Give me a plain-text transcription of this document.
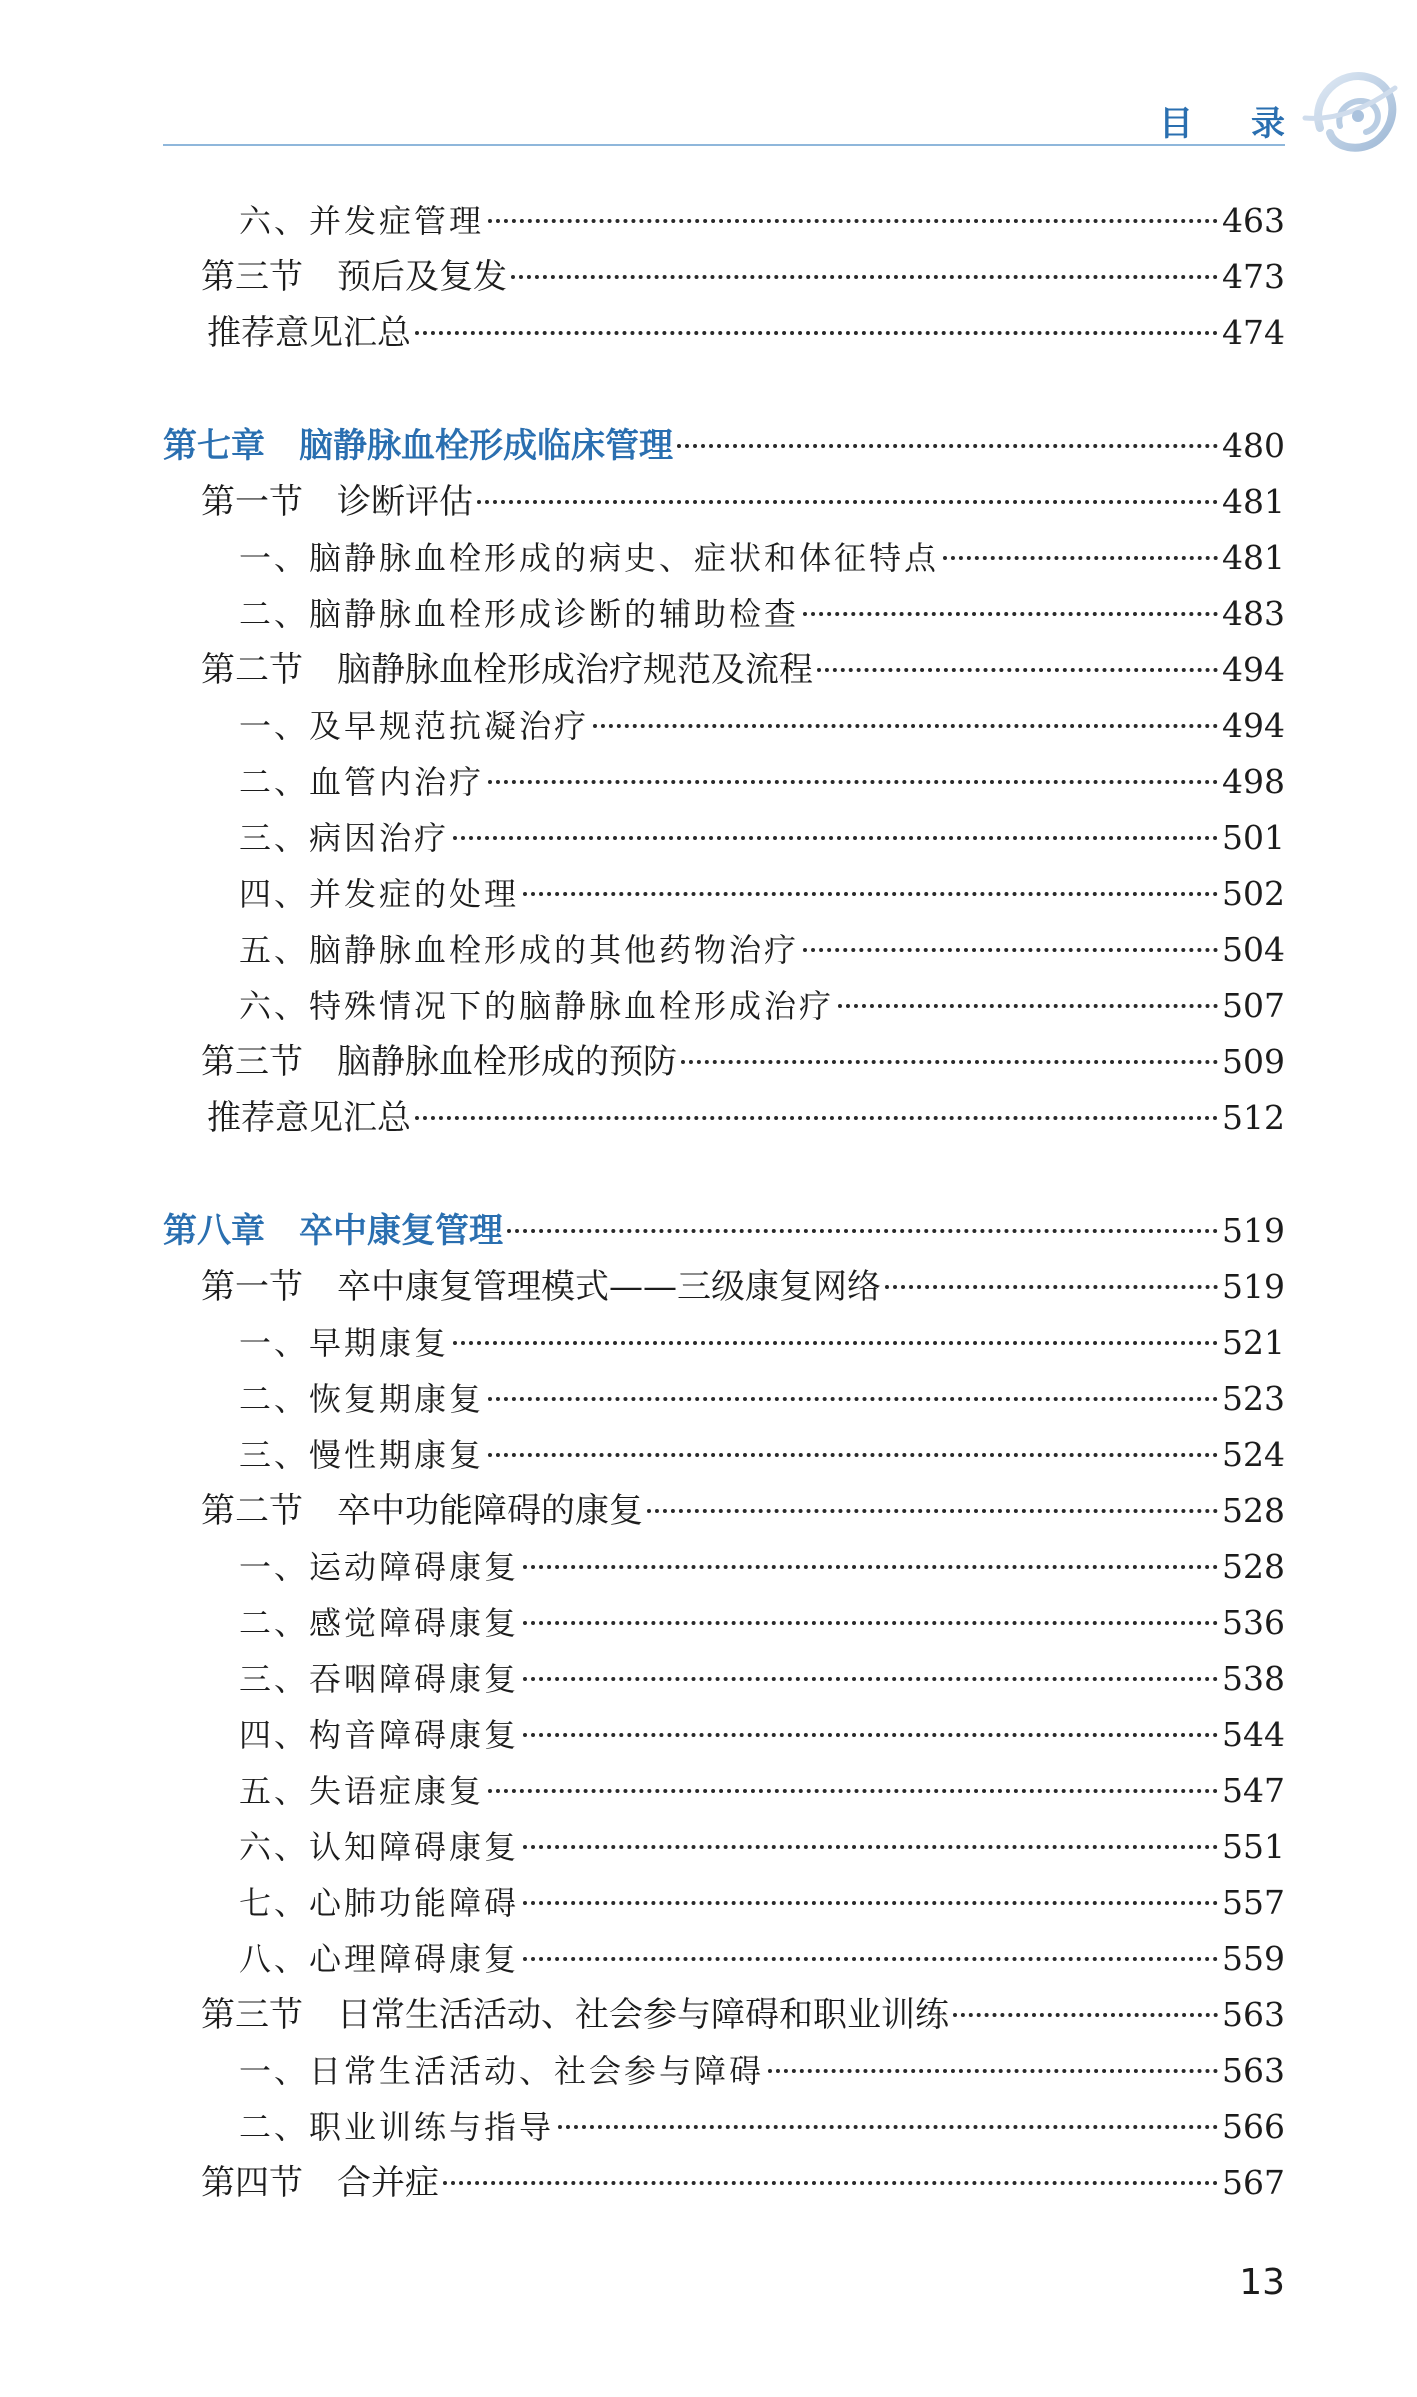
目录
六、并发症管理	463
第三节　预后及复发	473
推荐意见汇总	474
第七章　脑静脉血栓形成临床管理	480
第一节　诊断评估	481
一、脑静脉血栓形成的病史、症状和体征特点	481
二、脑静脉血栓形成诊断的辅助检查	483
第二节　脑静脉血栓形成治疗规范及流程	494
一、及早规范抗凝治疗	494
二、血管内治疗	498
三、病因治疗	501
四、并发症的处理	502
五、脑静脉血栓形成的其他药物治疗	504
六、特殊情况下的脑静脉血栓形成治疗	507
第三节　脑静脉血栓形成的预防	509
推荐意见汇总	512
第八章　卒中康复管理	519
第一节　卒中康复管理模式——三级康复网络	519
一、早期康复	521
二、恢复期康复	523
三、慢性期康复	524
第二节　卒中功能障碍的康复	528
一、运动障碍康复	528
二、感觉障碍康复	536
三、吞咽障碍康复	538
四、构音障碍康复	544
五、失语症康复	547
六、认知障碍康复	551
七、心肺功能障碍	557
八、心理障碍康复	559
第三节　日常生活活动、社会参与障碍和职业训练	563
一、日常生活活动、社会参与障碍	563
二、职业训练与指导	566
第四节　合并症	567
13
